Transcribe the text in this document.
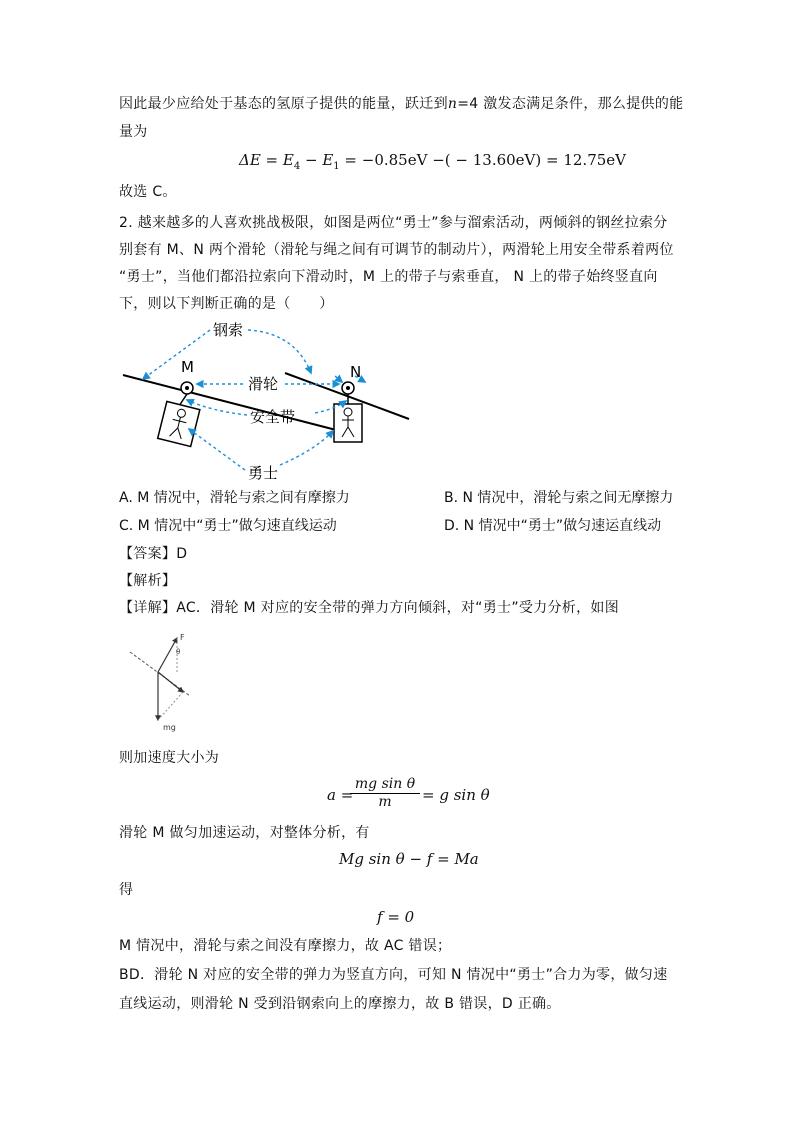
因此最少应给处于基态的氢原子提供的能量，跃迁到n=4 激发态满足条件，那么提供的能
量为
$\Delta E = E_4 - E_1 = -0.85eV$ −( − 13.60eV) = 12.75eV
故选 C。
2. 越来越多的人喜欢挑战极限，如图是两位“勇士”参与溜索活动，两倾斜的钢丝拉索分
别套有 M、N 两个滑轮（滑轮与绳之间有可调节的制动片），两滑轮上用安全带系着两位
“勇士”，当他们都沿拉索向下滑动时，M 上的带子与索垂直， N 上的带子始终竖直向
下，则以下判断正确的是（　　）
钢索
M	N
滑轮
安全带
勇士
A. M 情况中，滑轮与索之间有摩擦力	B. N 情况中，滑轮与索之间无摩擦力
C. M 情况中“勇士”做匀速直线运动	D. N 情况中“勇士”做匀速运直线动
【答案】D
【解析】
【详解】AC．滑轮 M 对应的安全带的弹力方向倾斜，对“勇士”受力分析，如图
F
θ
mg
则加速度大小为
a =
$\frac{\text{mg sin θ}}{m} = g$ sin θ
滑轮 M 做匀加速运动，对整体分析，有
Mg sin θ − f = Ma
得
f = 0
M 情况中，滑轮与索之间没有摩擦力，故 AC 错误；
BD．滑轮 N 对应的安全带的弹力为竖直方向，可知 N 情况中“勇士”合力为零，做匀速
直线运动，则滑轮 N 受到沿钢索向上的摩擦力，故 B 错误，D 正确。
